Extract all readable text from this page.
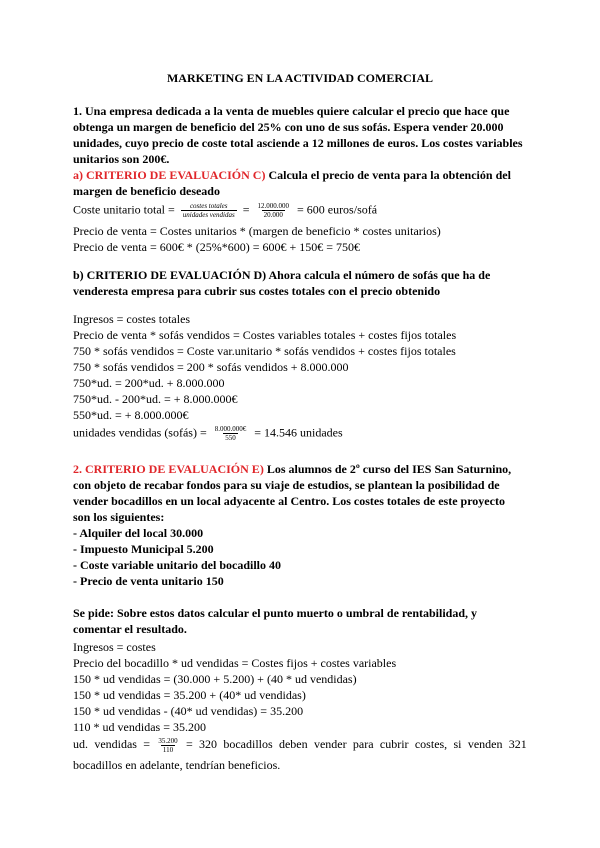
MARKETING EN LA ACTIVIDAD COMERCIAL
1. Una empresa dedicada a la venta de muebles quiere calcular el precio que hace que
obtenga un margen de beneficio del 25% con uno de sus sofás. Espera vender 20.000
unidades, cuyo precio de coste total asciende a 12 millones de euros. Los costes variables
unitarios son 200€.
a) CRITERIO DE EVALUACIÓN C) Calcula el precio de venta para la obtención del
margen de beneficio deseado
Coste unitario total = $\frac{\text{costes totales}}{\text{unidades vendidas}} = \frac{12.000.000}{20.000} = 600$ euros/sofá
Precio de venta = Costes unitarios * (margen de beneficio * costes unitarios)
Precio de venta = 600€ * (25%*600) = 600€ + 150€ = 750€
b) CRITERIO DE EVALUACIÓN D) Ahora calcula el número de sofás que ha de
venderesta empresa para cubrir sus costes totales con el precio obtenido
Ingresos = costes totales
Precio de venta * sofás vendidos = Costes variables totales + costes fijos totales
750 * sofás vendidos = Coste var.unitario * sofás vendidos + costes fijos totales
750 * sofás vendidos = 200 * sofás vendidos + 8.000.000
750*ud. = 200*ud. + 8.000.000
750*ud. - 200*ud. = + 8.000.000€
550*ud. = + 8.000.000€
unidades vendidas (sofás) = $\frac{8.000.000€}{550} = 14.546$ unidades
2. CRITERIO DE EVALUACIÓN E) Los alumnos de 2º curso del IES San Saturnino,
con objeto de recabar fondos para su viaje de estudios, se plantean la posibilidad de
vender bocadillos en un local adyacente al Centro. Los costes totales de este proyecto
son los siguientes:
- Alquiler del local 30.000
- Impuesto Municipal 5.200
- Coste variable unitario del bocadillo 40
- Precio de venta unitario 150
Se pide: Sobre estos datos calcular el punto muerto o umbral de rentabilidad, y
comentar el resultado.
Ingresos = costes
Precio del bocadillo * ud vendidas = Costes fijos + costes variables
150 * ud vendidas = (30.000 + 5.200) + (40 * ud vendidas)
150 * ud vendidas = 35.200 + (40* ud vendidas)
150 * ud vendidas - (40* ud vendidas) = 35.200
110 * ud vendidas = 35.200
ud. vendidas = $\frac{35.200}{110} = 320$ bocadillos deben vender para cubrir costes, si venden 321
bocadillos en adelante, tendrían beneficios.
